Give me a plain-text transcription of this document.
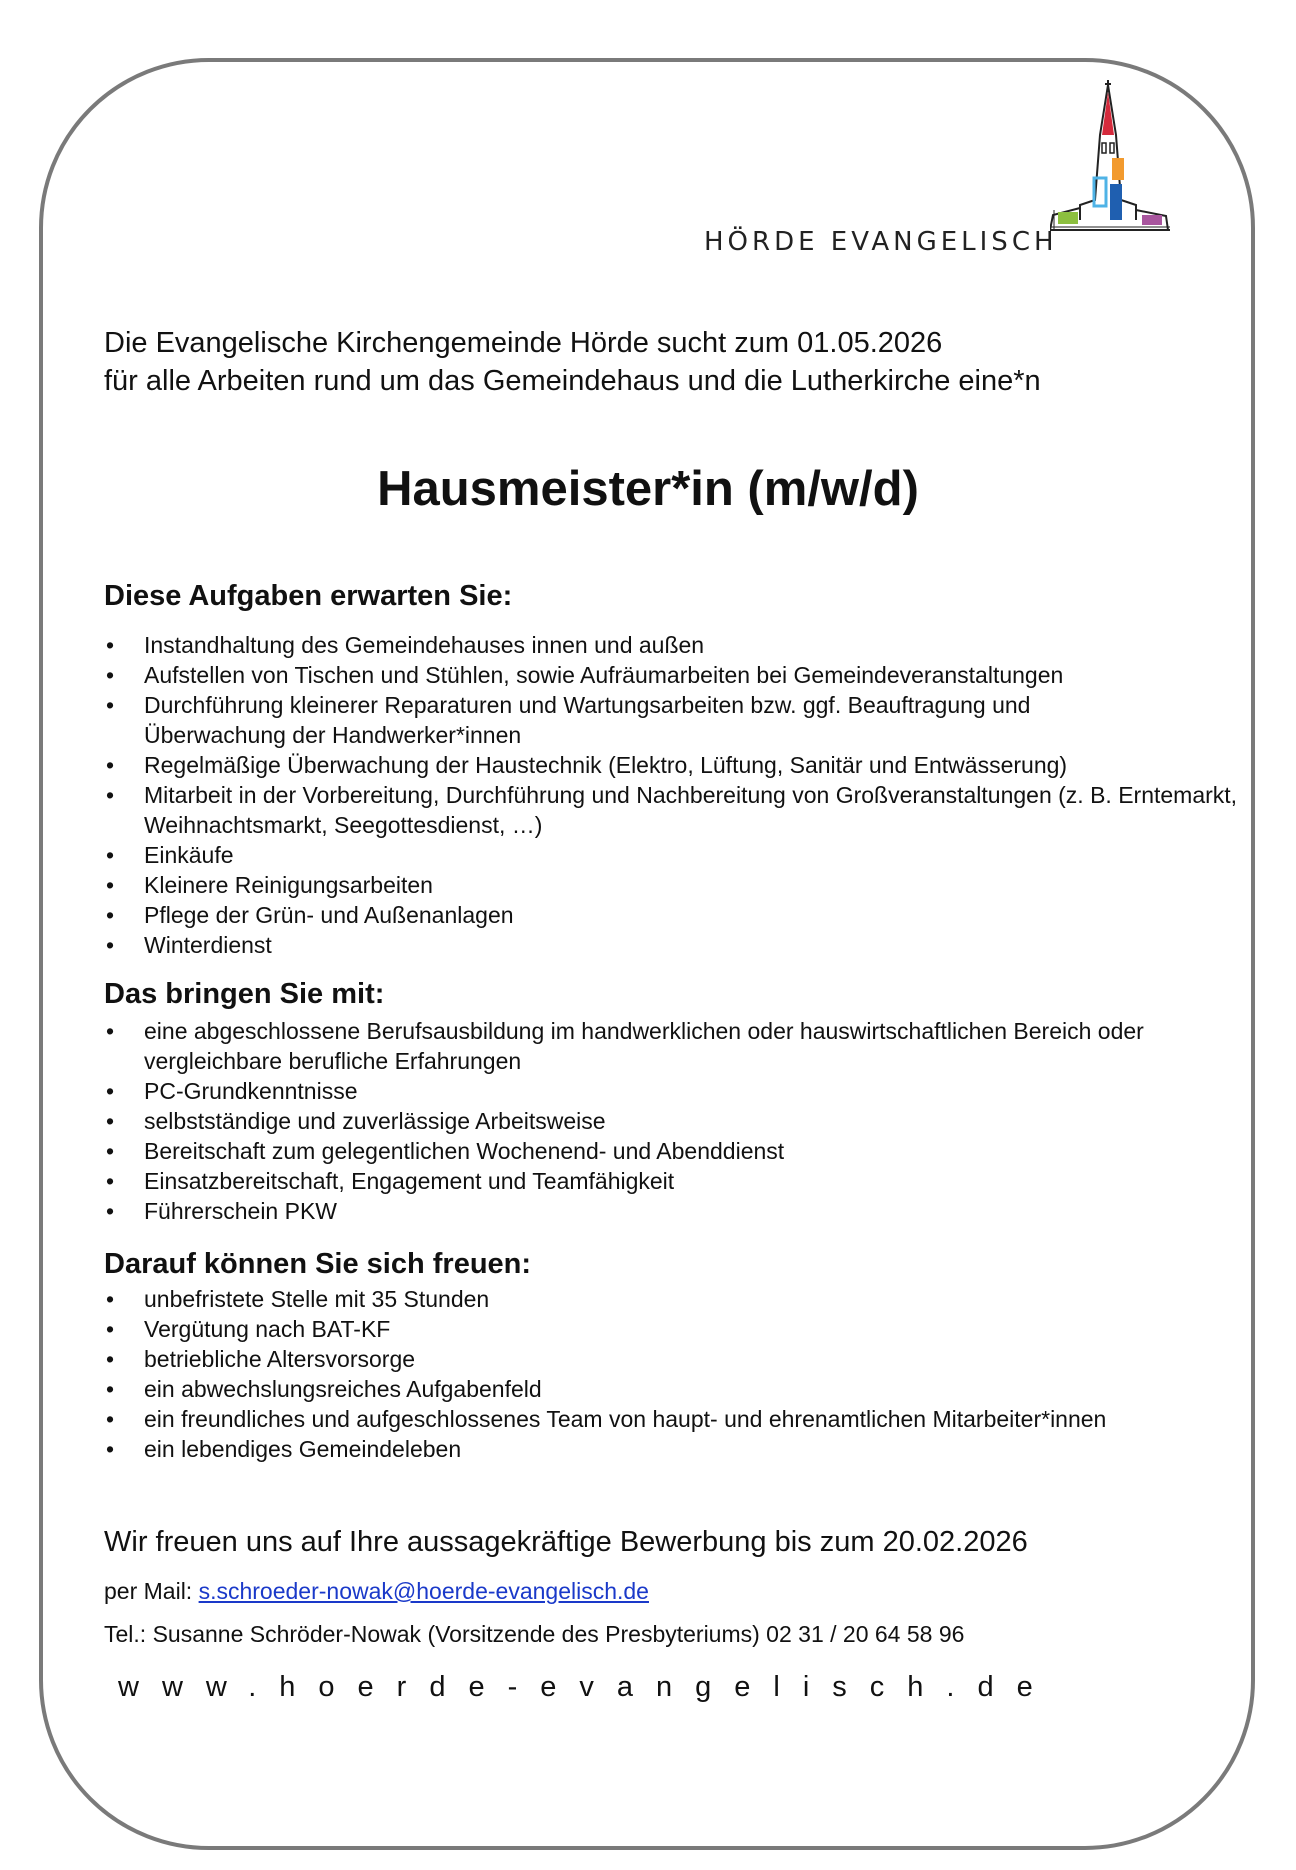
HÖRDE EVANGELISCH
Die Evangelische Kirchengemeinde Hörde sucht zum 01.05.2026
für alle Arbeiten rund um das Gemeindehaus und die Lutherkirche eine*n
Hausmeister*in (m/w/d)
Diese Aufgaben erwarten Sie:
• Instandhaltung des Gemeindehauses innen und außen
• Aufstellen von Tischen und Stühlen, sowie Aufräumarbeiten bei Gemeindeveranstaltungen
• Durchführung kleinerer Reparaturen und Wartungsarbeiten bzw. ggf. Beauftragung und Überwachung der Handwerker*innen
• Regelmäßige Überwachung der Haustechnik (Elektro, Lüftung, Sanitär und Entwässerung)
• Mitarbeit in der Vorbereitung, Durchführung und Nachbereitung von Großveranstaltungen (z. B. Erntemarkt, Weihnachtsmarkt, Seegottesdienst, …)
• Einkäufe
• Kleinere Reinigungsarbeiten
• Pflege der Grün- und Außenanlagen
• Winterdienst
Das bringen Sie mit:
• eine abgeschlossene Berufsausbildung im handwerklichen oder hauswirtschaftlichen Bereich oder vergleichbare berufliche Erfahrungen
• PC-Grundkenntnisse
• selbstständige und zuverlässige Arbeitsweise
• Bereitschaft zum gelegentlichen Wochenend- und Abenddienst
• Einsatzbereitschaft, Engagement und Teamfähigkeit
• Führerschein PKW
Darauf können Sie sich freuen:
• unbefristete Stelle mit 35 Stunden
• Vergütung nach BAT-KF
• betriebliche Altersvorsorge
• ein abwechslungsreiches Aufgabenfeld
• ein freundliches und aufgeschlossenes Team von haupt- und ehrenamtlichen Mitarbeiter*innen
• ein lebendiges Gemeindeleben
Wir freuen uns auf Ihre aussagekräftige Bewerbung bis zum 20.02.2026
per Mail: s.schroeder-nowak@hoerde-evangelisch.de
Tel.: Susanne Schröder-Nowak (Vorsitzende des Presbyteriums) 02 31 / 20 64 58 96
www.hoerde-evangelisch.de
